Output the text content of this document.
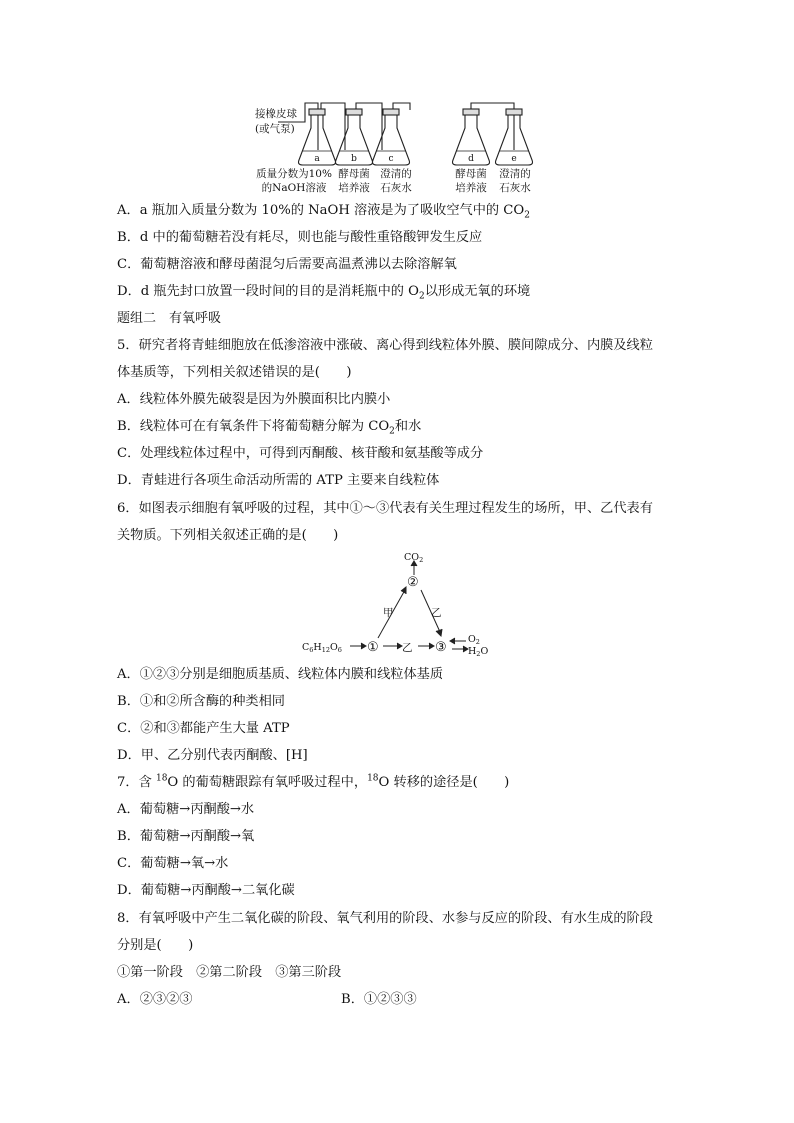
a	b	c	d	e
接橡皮球
(或气泵)
质量分数为10%
的NaOH溶液
酵母菌
培养液
澄清的
石灰水
酵母菌
培养液
澄清的
石灰水
A．a 瓶加入质量分数为 10%的 NaOH 溶液是为了吸收空气中的 $CO_2$
B．d 中的葡萄糖若没有耗尽，则也能与酸性重铬酸钾发生反应
C．葡萄糖溶液和酵母菌混匀后需要高温煮沸以去除溶解氧
D．d 瓶先封口放置一段时间的目的是消耗瓶中的 $O_2$以形成无氧的环境
题组二　有氧呼吸
5．研究者将青蛙细胞放在低渗溶液中涨破、离心得到线粒体外膜、膜间隙成分、内膜及线粒
体基质等，下列相关叙述错误的是(　　)
A．线粒体外膜先破裂是因为外膜面积比内膜小
B．线粒体可在有氧条件下将葡萄糖分解为 $CO_2$和水
C．处理线粒体过程中，可得到丙酮酸、核苷酸和氨基酸等成分
D．青蛙进行各项生命活动所需的 ATP 主要来自线粒体
6．如图表示细胞有氧呼吸的过程，其中①～③代表有关生理过程发生的场所，甲、乙代表有
关物质。下列相关叙述正确的是(　　)
$CO_2$
②
甲	乙
$C_6H_{12}O_6$ ① 乙 ③
$O_2$
$H_2O$
A．①②③分别是细胞质基质、线粒体内膜和线粒体基质
B．①和②所含酶的种类相同
C．②和③都能产生大量 ATP
D．甲、乙分别代表丙酮酸、[H]
7．含 $^{18}$O 的葡萄糖跟踪有氧呼吸过程中，$^{18}$O 转移的途径是(　　)
A．葡萄糖→丙酮酸→水
B．葡萄糖→丙酮酸→氧
C．葡萄糖→氧→水
D．葡萄糖→丙酮酸→二氧化碳
8．有氧呼吸中产生二氧化碳的阶段、氧气利用的阶段、水参与反应的阶段、有水生成的阶段
分别是(　　)
①第一阶段　②第二阶段　③第三阶段
A．②③②③	B．①②③③
